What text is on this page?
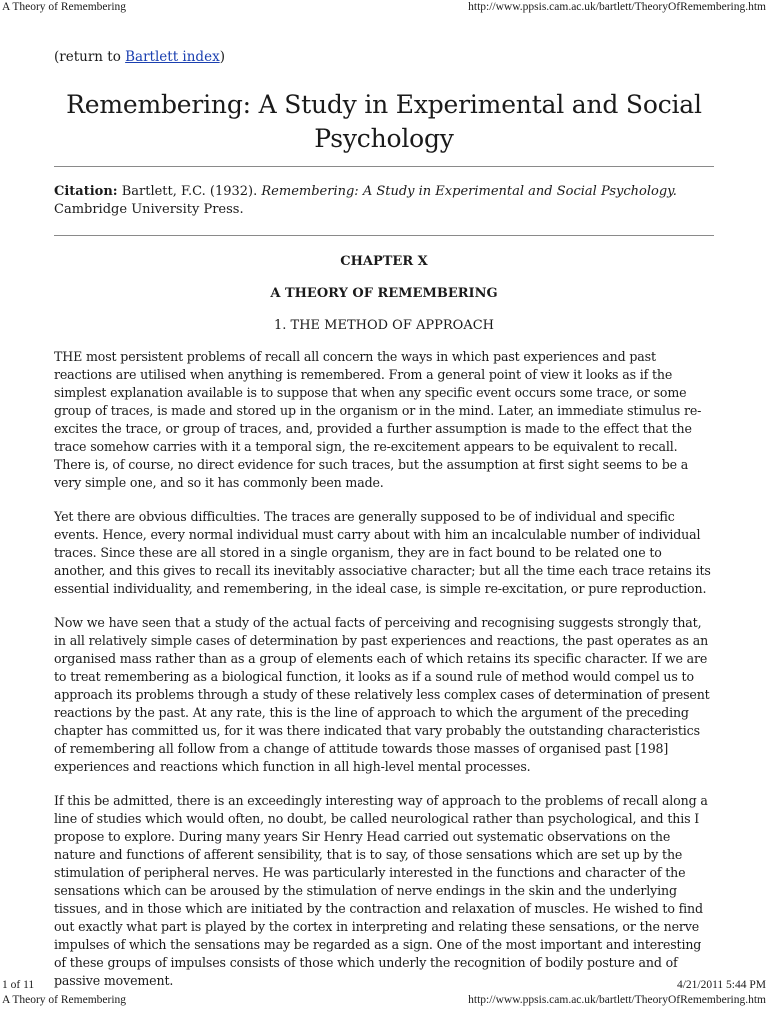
A Theory of Remembering	http://www.ppsis.cam.ac.uk/bartlett/TheoryOfRemembering.htm
(return to Bartlett index)
Remembering: A Study in Experimental and Social Psychology
Citation: Bartlett, F.C. (1932). Remembering: A Study in Experimental and Social Psychology. Cambridge University Press.
CHAPTER X
A THEORY OF REMEMBERING
1. THE METHOD OF APPROACH

THE most persistent problems of recall all concern the ways in which past experiences and past reactions are utilised when anything is remembered. From a general point of view it looks as if the simplest explanation available is to suppose that when any specific event occurs some trace, or some group of traces, is made and stored up in the organism or in the mind. Later, an immediate stimulus re-excites the trace, or group of traces, and, provided a further assumption is made to the effect that the trace somehow carries with it a temporal sign, the re-excitement appears to be equivalent to recall. There is, of course, no direct evidence for such traces, but the assumption at first sight seems to be a very simple one, and so it has commonly been made.

Yet there are obvious difficulties. The traces are generally supposed to be of individual and specific events. Hence, every normal individual must carry about with him an incalculable number of individual traces. Since these are all stored in a single organism, they are in fact bound to be related one to another, and this gives to recall its inevitably associative character; but all the time each trace retains its essential individuality, and remembering, in the ideal case, is simple re-excitation, or pure reproduction.

Now we have seen that a study of the actual facts of perceiving and recognising suggests strongly that, in all relatively simple cases of determination by past experiences and reactions, the past operates as an organised mass rather than as a group of elements each of which retains its specific character. If we are to treat remembering as a biological function, it looks as if a sound rule of method would compel us to approach its problems through a study of these relatively less complex cases of determination of present reactions by the past. At any rate, this is the line of approach to which the argument of the preceding chapter has committed us, for it was there indicated that vary probably the outstanding characteristics of remembering all follow from a change of attitude towards those masses of organised past [198] experiences and reactions which function in all high-level mental processes.

If this be admitted, there is an exceedingly interesting way of approach to the problems of recall along a line of studies which would often, no doubt, be called neurological rather than psychological, and this I propose to explore. During many years Sir Henry Head carried out systematic observations on the nature and functions of afferent sensibility, that is to say, of those sensations which are set up by the stimulation of peripheral nerves. He was particularly interested in the functions and character of the sensations which can be aroused by the stimulation of nerve endings in the skin and the underlying tissues, and in those which are initiated by the contraction and relaxation of muscles. He wished to find out exactly what part is played by the cortex in interpreting and relating these sensations, or the nerve impulses of which the sensations may be regarded as a sign. One of the most important and interesting of these groups of impulses consists of those which underly the recognition of bodily posture and of passive movement.

1 of 11	4/21/2011 5:44 PM
A Theory of Remembering	http://www.ppsis.cam.ac.uk/bartlett/TheoryOfRemembering.htm
